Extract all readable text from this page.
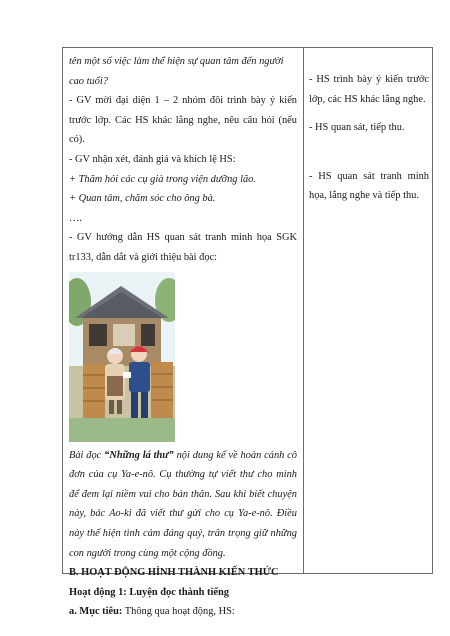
tên một số việc làm thể hiện sự quan tâm đến người cao tuổi?

- GV mời đại diện 1 – 2 nhóm đôi trình bày ý kiến trước lớp. Các HS khác lắng nghe, nêu câu hỏi (nếu có).

- GV nhận xét, đánh giá và khích lệ HS:

+ Thăm hỏi các cụ già trong viện dưỡng lão.

+ Quan tâm, chăm sóc cho ông bà.

….

- GV hướng dẫn HS quan sát tranh minh họa SGK tr133, dẫn dắt và giới thiệu bài đọc:

Bài đọc “Những lá thư” nội dung kể về hoàn cảnh cô đơn của cụ Ya-e-nô. Cụ thường tự viết thư cho mình để đem lại niềm vui cho bản thân. Sau khi biết chuyện này, bác Ao-ki đã viết thư gửi cho cụ Ya-e-nô. Điều này thể hiện tình cảm đáng quý, trân trọng giữ những con người trong cùng một cộng đồng.

B. HOẠT ĐỘNG HÌNH THÀNH KIẾN THỨC

Hoạt động 1: Luyện đọc thành tiếng

a. Mục tiêu: Thông qua hoạt động, HS:

- HS trình bày ý kiến trước lớp, các HS khác lắng nghe.

- HS quan sát, tiếp thu.

- HS quan sát tranh minh họa, lắng nghe và tiếp thu.
